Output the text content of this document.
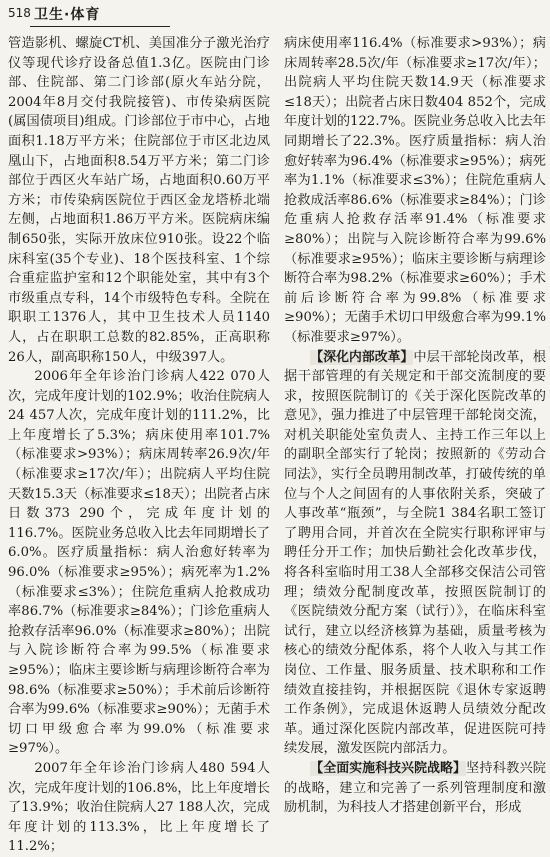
518 卫生·体育

管造影机、螺旋CT机、美国准分子激光治疗仪等现代诊疗设备总值1.3亿。医院由门诊部、住院部、第二门诊部(原火车站分院，2004年8月交付我院接管)、市传染病医院(属国债项目)组成。门诊部位于市中心，占地面积1.18万平方米；住院部位于市区北边凤凰山下，占地面积8.54万平方米；第二门诊部位于西区火车站广场，占地面积0.60万平方米；市传染病医院位于西区金龙塔桥北端左侧，占地面积1.86万平方米。医院病床编制650张，实际开放床位910张。设22个临床科室(35个专业)、18个医技科室、1个综合重症监护室和12个职能处室，其中有3个市级重点专科，14个市级特色专科。全院在职职工1376人，其中卫生技术人员1140人，占在职职工总数的82.85%，正高职称26人，副高职称150人，中级397人。

2006年全年诊治门诊病人422 070人次，完成年度计划的102.9%；收治住院病人24 457人次，完成年度计划的111.2%，比上年度增长了5.3%；病床使用率101.7%（标准要求>93%）；病床周转率26.9次/年（标准要求≥17次/年）；出院病人平均住院天数15.3天（标准要求≤18天）；出院者占床日数373 290个，完成年度计划的116.7%。医院业务总收入比去年同期增长了6.0%。医疗质量指标：病人治愈好转率为96.0%（标准要求≥95%）；病死率为1.2%（标准要求≤3%）；住院危重病人抢救成功率86.7%（标准要求≥84%）；门诊危重病人抢救存活率96.0%（标准要求≥80%）；出院与入院诊断符合率为99.5%（标准要求≥95%）；临床主要诊断与病理诊断符合率为98.6%（标准要求≥50%）；手术前后诊断符合率为99.6%（标准要求≥90%）；无菌手术切口甲级愈合率为99.0%（标准要求≥97%）。

2007年全年诊治门诊病人480 594人次，完成年度计划的106.8%，比上年度增长了13.9%；收治住院病人27 188人次，完成年度计划的113.3%，比上年度增长了11.2%；

病床使用率116.4%（标准要求>93%）；病床周转率28.5次/年（标准要求≥17次/年）；出院病人平均住院天数14.9天（标准要求≤18天）；出院者占床日数404 852个，完成年度计划的122.7%。医院业务总收入比去年同期增长了22.3%。医疗质量指标：病人治愈好转率为96.4%（标准要求≥95%）；病死率为1.1%（标准要求≤3%）；住院危重病人抢救成活率86.6%（标准要求≥84%）；门诊危重病人抢救存活率91.4%（标准要求≥80%）；出院与入院诊断符合率为99.6%（标准要求≥95%）；临床主要诊断与病理诊断符合率为98.2%（标准要求≥60%）；手术前后诊断符合率为99.8%（标准要求≥90%）；无菌手术切口甲级愈合率为99.1%（标准要求≥97%）。

【深化内部改革】中层干部轮岗改革，根据干部管理的有关规定和干部交流制度的要求，按照医院制订的《关于深化医院改革的意见》，强力推进了中层管理干部轮岗交流，对机关职能处室负责人、主持工作三年以上的副职全部实行了轮岗；按照新的《劳动合同法》，实行全员聘用制改革，打破传统的单位与个人之间固有的人事依附关系，突破了人事改革“瓶颈”，与全院1 384名职工签订了聘用合同，并首次在全院实行职称评审与聘任分开工作；加快后勤社会化改革步伐，将各科室临时用工38人全部移交保洁公司管理；绩效分配制度改革，按照医院制订的《医院绩效分配方案（试行）》，在临床科室试行，建立以经济核算为基础，质量考核为核心的绩效分配体系，将个人收入与其工作岗位、工作量、服务质量、技术职称和工作绩效直接挂钩，并根据医院《退休专家返聘工作条例》，完成退休返聘人员绩效分配改革。通过深化医院内部改革，促进医院可持续发展，激发医院内部活力。

【全面实施科技兴院战略】坚持科教兴院的战略，建立和完善了一系列管理制度和激励机制，为科技人才搭建创新平台，形成
